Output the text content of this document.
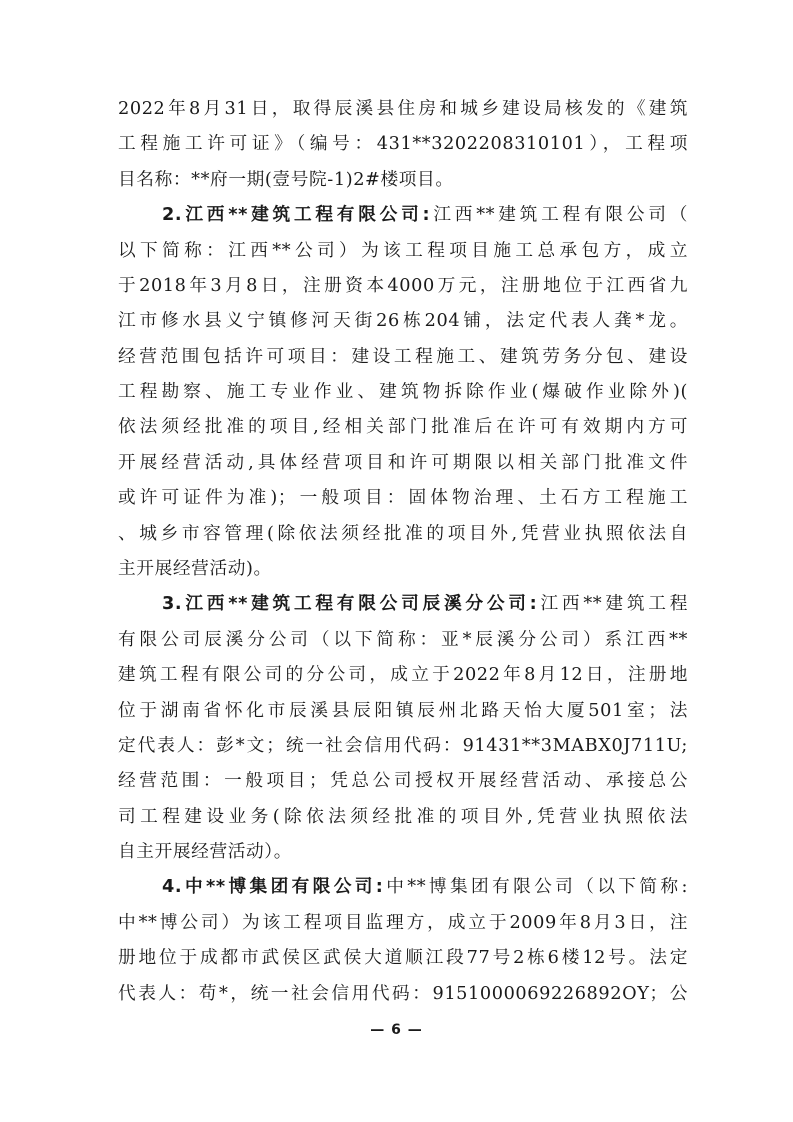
2022年8月31日，取得辰溪县住房和城乡建设局核发的《建筑
工程施工许可证》（编号：431**3202208310101），工程项
目名称：**府一期(壹号院-1)2#楼项目。
2.江西**建筑工程有限公司:江西**建筑工程有限公司（
以下简称：江西**公司）为该工程项目施工总承包方，成立
于2018年3月8日，注册资本4000万元，注册地位于江西省九
江市修水县义宁镇修河天街26栋204铺，法定代表人龚*龙。
经营范围包括许可项目：建设工程施工、建筑劳务分包、建设
工程勘察、施工专业作业、建筑物拆除作业(爆破作业除外)(
依法须经批准的项目,经相关部门批准后在许可有效期内方可
开展经营活动,具体经营项目和许可期限以相关部门批准文件
或许可证件为准)；一般项目：固体物治理、土石方工程施工
、城乡市容管理(除依法须经批准的项目外,凭营业执照依法自
主开展经营活动)。
3.江西**建筑工程有限公司辰溪分公司:江西**建筑工程
有限公司辰溪分公司（以下简称：亚*辰溪分公司）系江西**
建筑工程有限公司的分公司，成立于2022年8月12日，注册地
位于湖南省怀化市辰溪县辰阳镇辰州北路天怡大厦501室；法
定代表人：彭*文；统一社会信用代码：91431**3MABX0J711U;
经营范围：一般项目；凭总公司授权开展经营活动、承接总公
司工程建设业务(除依法须经批准的项目外,凭营业执照依法
自主开展经营活动）。
4.中**博集团有限公司:中**博集团有限公司（以下简称:
中**博公司）为该工程项目监理方，成立于2009年8月3日，注
册地位于成都市武侯区武侯大道顺江段77号2栋6楼12号。法定
代表人：苟*，统一社会信用代码：9151000069226892OY；公
— 6 —
